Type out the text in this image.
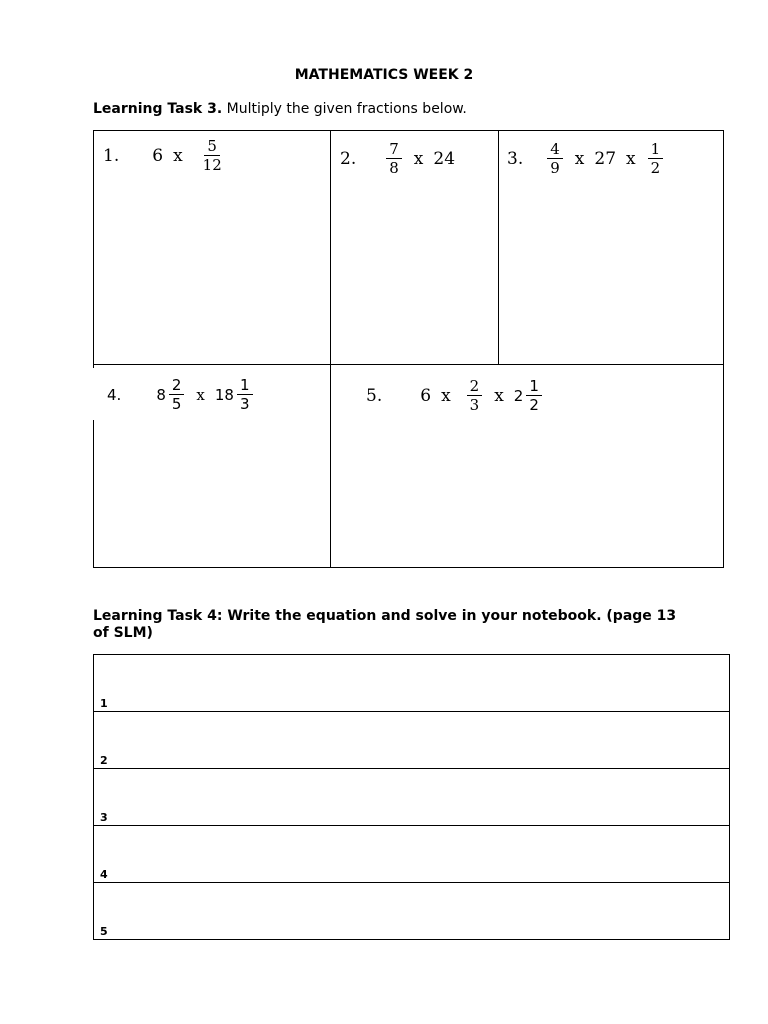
MATHEMATICS WEEK 2
Learning Task 3. Multiply the given fractions below.
1. 6 x $\frac{5}{12}$	2. $\frac{7}{8}$ x 24	3. $\frac{4}{9}$ x 27 x $\frac{1}{2}$
4. $8 \frac{2}{5}$ x $18 \frac{1}{3}$	5. 6 x $\frac{2}{3}$ x $2 \frac{1}{2}$
Learning Task 4: Write the equation and solve in your notebook. (page 13 of SLM)
1
2
3
4
5
